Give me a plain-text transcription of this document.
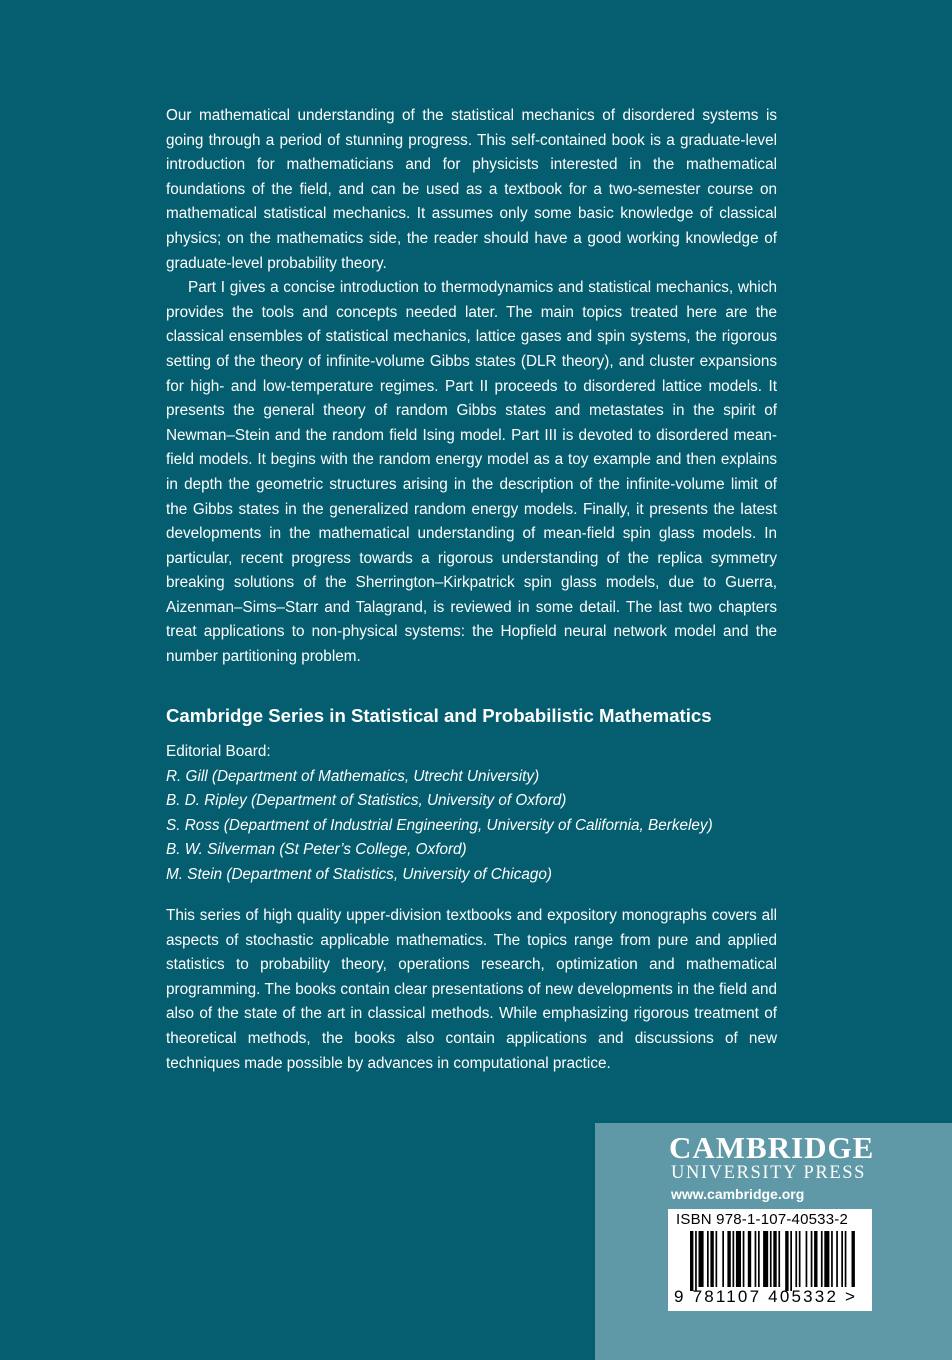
Our mathematical understanding of the statistical mechanics of disordered systems is going through a period of stunning progress. This self-contained book is a graduate-level introduction for mathematicians and for physicists interested in the mathematical foundations of the field, and can be used as a textbook for a two-semester course on mathematical statistical mechanics. It assumes only some basic knowledge of classical physics; on the mathematics side, the reader should have a good working knowledge of graduate-level probability theory.

Part I gives a concise introduction to thermodynamics and statistical mechanics, which provides the tools and concepts needed later. The main topics treated here are the classical ensembles of statistical mechanics, lattice gases and spin systems, the rigorous setting of the theory of infinite-volume Gibbs states (DLR theory), and cluster expansions for high- and low-temperature regimes. Part II proceeds to disordered lattice models. It presents the general theory of random Gibbs states and metastates in the spirit of Newman–Stein and the random field Ising model. Part III is devoted to disordered mean-field models. It begins with the random energy model as a toy example and then explains in depth the geometric structures arising in the description of the infinite-volume limit of the Gibbs states in the generalized random energy models. Finally, it presents the latest developments in the mathematical understanding of mean-field spin glass models. In particular, recent progress towards a rigorous understanding of the replica symmetry breaking solutions of the Sherrington–Kirkpatrick spin glass models, due to Guerra, Aizenman–Sims–Starr and Talagrand, is reviewed in some detail. The last two chapters treat applications to non-physical systems: the Hopfield neural network model and the number partitioning problem.

Cambridge Series in Statistical and Probabilistic Mathematics
Editorial Board:
R. Gill (Department of Mathematics, Utrecht University)
B. D. Ripley (Department of Statistics, University of Oxford)
S. Ross (Department of Industrial Engineering, University of California, Berkeley)
B. W. Silverman (St Peter’s College, Oxford)
M. Stein (Department of Statistics, University of Chicago)

This series of high quality upper-division textbooks and expository monographs covers all aspects of stochastic applicable mathematics. The topics range from pure and applied statistics to probability theory, operations research, optimization and mathematical programming. The books contain clear presentations of new developments in the field and also of the state of the art in classical methods. While emphasizing rigorous treatment of theoretical methods, the books also contain applications and discussions of new techniques made possible by advances in computational practice.

CAMBRIDGE
UNIVERSITY PRESS
www.cambridge.org
ISBN 978-1-107-40533-2
9 781107 405332 >
